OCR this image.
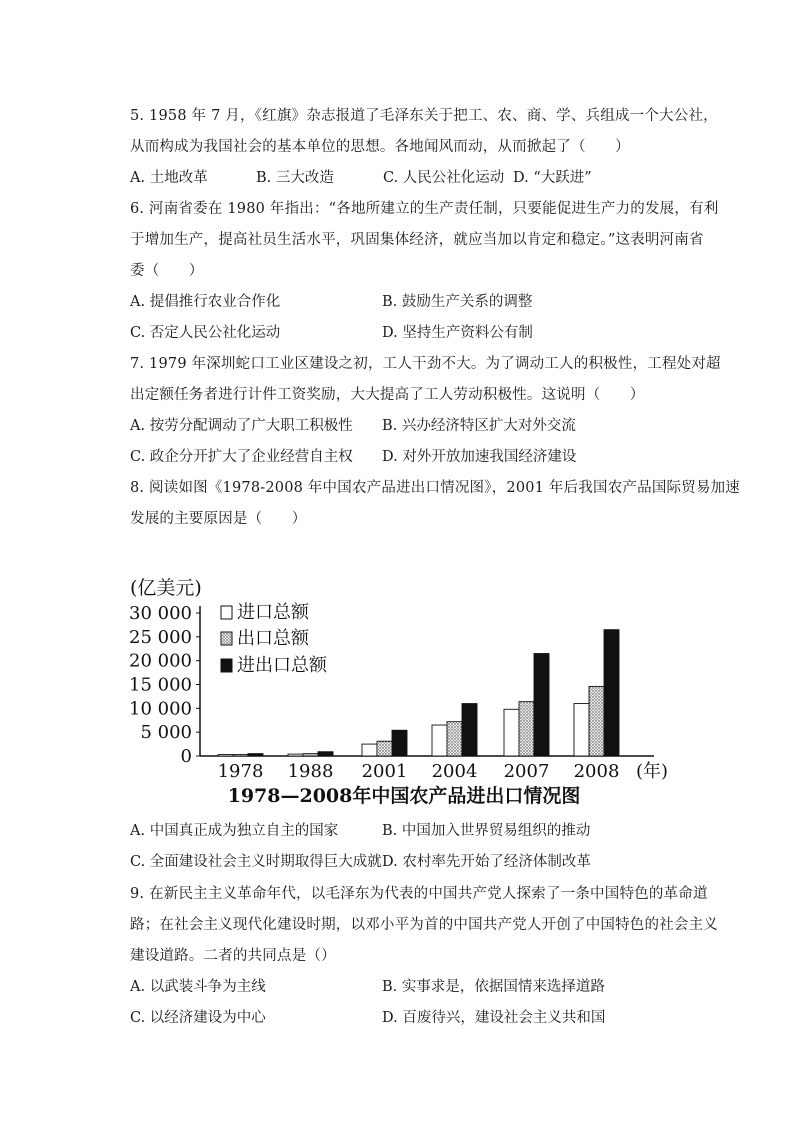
5. 1958 年 7 月，《红旗》杂志报道了毛泽东关于把工、农、商、学、兵组成一个大公社，
从而构成为我国社会的基本单位的思想。各地闻风而动，从而掀起了（　　）
A. 土地改革	B. 三大改造	C. 人民公社化运动 D. “大跃进”
6. 河南省委在 1980 年指出：“各地所建立的生产责任制，只要能促进生产力的发展，有利
于增加生产，提高社员生活水平，巩固集体经济，就应当加以肯定和稳定。”这表明河南省
委（　　）
A. 提倡推行农业合作化	B. 鼓励生产关系的调整
C. 否定人民公社化运动	D. 坚持生产资料公有制
7. 1979 年深圳蛇口工业区建设之初，工人干劲不大。为了调动工人的积极性，工程处对超
出定额任务者进行计件工资奖励，大大提高了工人劳动积极性。这说明（　　）
A. 按劳分配调动了广大职工积极性 B. 兴办经济特区扩大对外交流
C. 政企分开扩大了企业经营自主权 D. 对外开放加速我国经济建设
8. 阅读如图《1978-2008 年中国农产品进出口情况图》，2001 年后我国农产品国际贸易加速
发展的主要原因是（　　）
A. 中国真正成为独立自主的国家	B. 中国加入世界贸易组织的推动
C. 全面建设社会主义时期取得巨大成就 D. 农村率先开始了经济体制改革
9. 在新民主主义革命年代，以毛泽东为代表的中国共产党人探索了一条中国特色的革命道
路；在社会主义现代化建设时期，以邓小平为首的中国共产党人开创了中国特色的社会主义
建设道路。二者的共同点是（）
A. 以武装斗争为主线	B. 实事求是，依据国情来选择道路
C. 以经济建设为中心	D. 百废待兴，建设社会主义共和国
(亿美元)
0
5 000
10 000
15 000
20 000
25 000
30 000	进口总额
出口总额
进出口总额
1978 1988 2001 2004 2007 2008 (年)
1978—2008年中国农产品进出口情况图
